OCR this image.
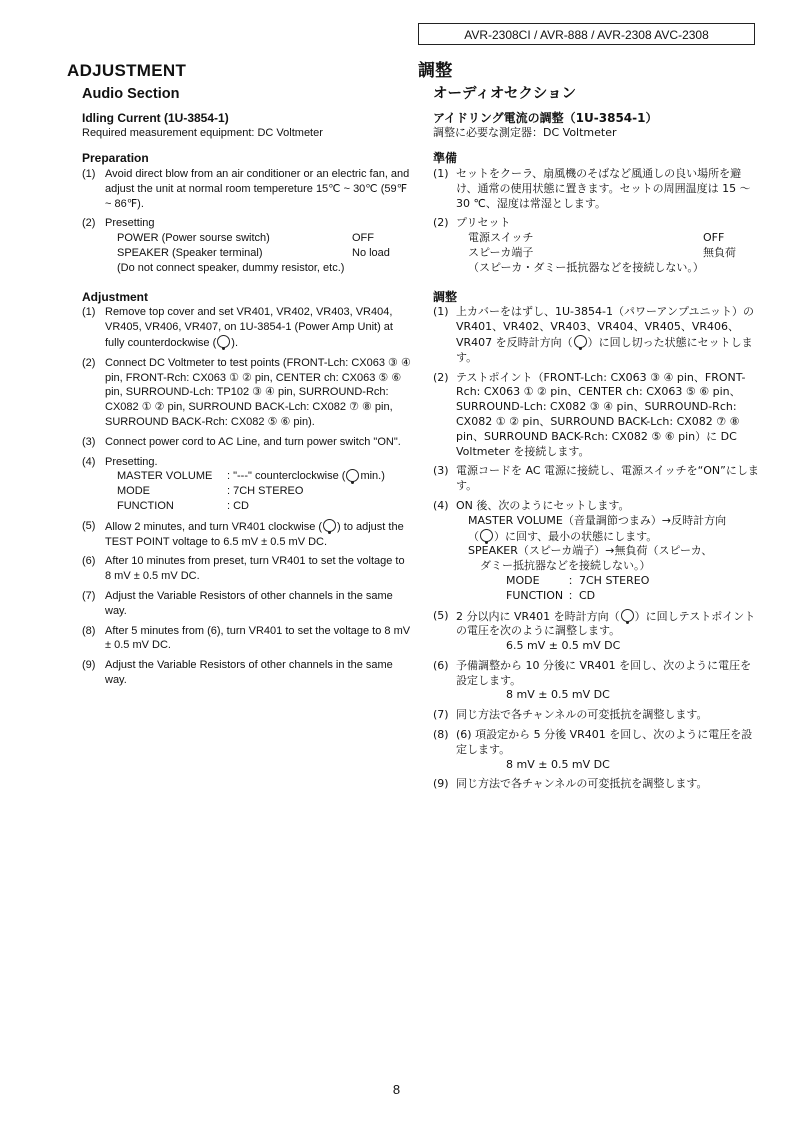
AVR-2308CI / AVR-888 / AVR-2308 AVC-2308
ADJUSTMENT
Audio Section
Idling Current (1U-3854-1)
Required measurement equipment: DC Voltmeter
Preparation
(1) Avoid direct blow from an air conditioner or an electric fan, and adjust the unit at normal room tempereture 15℃ ~ 30℃ (59℉ ~ 86℉).
(2) Presetting
POWER (Power sourse switch)	OFF
SPEAKER (Speaker terminal)	No load
(Do not connect speaker, dummy resistor, etc.)
Adjustment
(1) Remove top cover and set VR401, VR402, VR403, VR404, VR405, VR406, VR407, on 1U-3854-1 (Power Amp Unit) at fully counterdockwise ( ).
(2) Connect DC Voltmeter to test points (FRONT-Lch: CX063 ③ ④ pin, FRONT-Rch: CX063 ① ② pin, CENTER ch: CX063 ⑤ ⑥ pin, SURROUND-Lch: TP102 ③ ④ pin, SURROUND-Rch: CX082 ① ② pin, SURROUND BACK-Lch: CX082 ⑦ ⑧ pin, SURROUND BACK-Rch: CX082 ⑤ ⑥ pin).
(3) Connect power cord to AC Line, and turn power switch "ON".
(4) Presetting.
MASTER VOLUME	: "---" counterclockwise ( min.)
MODE	: 7CH STEREO
FUNCTION	: CD
(5) Allow 2 minutes, and turn VR401 clockwise ( ) to adjust the TEST POINT voltage to 6.5 mV ± 0.5 mV DC.
(6) After 10 minutes from preset, turn VR401 to set the voltage to 8 mV ± 0.5 mV DC.
(7) Adjust the Variable Resistors of other channels in the same way.
(8) After 5 minutes from (6), turn VR401 to set the voltage to 8 mV ± 0.5 mV DC.
(9) Adjust the Variable Resistors of other channels in the same way.
調整
オーディオセクション
アイドリング電流の調整（1U-3854-1）
調整に必要な測定器：DC Voltmeter
準備
(1) セットをクーラ、扇風機のそばなど風通しの良い場所を避け、通常の使用状態に置きます。セットの周囲温度は 15 ～ 30 ℃、湿度は常湿とします。
(2) プリセット
電源スイッチ	OFF
スピーカ端子	無負荷
（スピーカ・ダミー抵抗器などを接続しない。）
調整
(1) 上カバーをはずし、1U-3854-1（パワーアンプユニット）の VR401、VR402、VR403、VR404、VR405、VR406、VR407 を反時計方向（ ）に回し切った状態にセットします。
(2) テストポイント（FRONT-Lch: CX063 ③ ④ pin、FRONT-Rch: CX063 ① ② pin、CENTER ch: CX063 ⑤ ⑥ pin、SURROUND-Lch: CX082 ③ ④ pin、SURROUND-Rch: CX082 ① ② pin、SURROUND BACK-Lch: CX082 ⑦ ⑧ pin、SURROUND BACK-Rch: CX082 ⑤ ⑥ pin）に DC Voltmeter を接続します。
(3) 電源コードを AC 電源に接続し、電源スイッチを“ON”にします。
(4) ON 後、次のようにセットします。
MASTER VOLUME（音量調節つまみ）→反時計方向
（ ）に回す、最小の状態にします。
SPEAKER（スピーカ端子）→無負荷（スピーカ、
ダミー抵抗器などを接続しない。）
MODE	：7CH STEREO
FUNCTION ：CD
(5) 2 分以内に VR401 を時計方向（ ）に回しテストポイントの電圧を次のように調整します。
6.5 mV ± 0.5 mV DC
(6) 予備調整から 10 分後に VR401 を回し、次のように電圧を設定します。
8 mV ± 0.5 mV DC
(7) 同じ方法で各チャンネルの可変抵抗を調整します。
(8) (6) 項設定から 5 分後 VR401 を回し、次のように電圧を設定します。
8 mV ± 0.5 mV DC
(9) 同じ方法で各チャンネルの可変抵抗を調整します。
8
